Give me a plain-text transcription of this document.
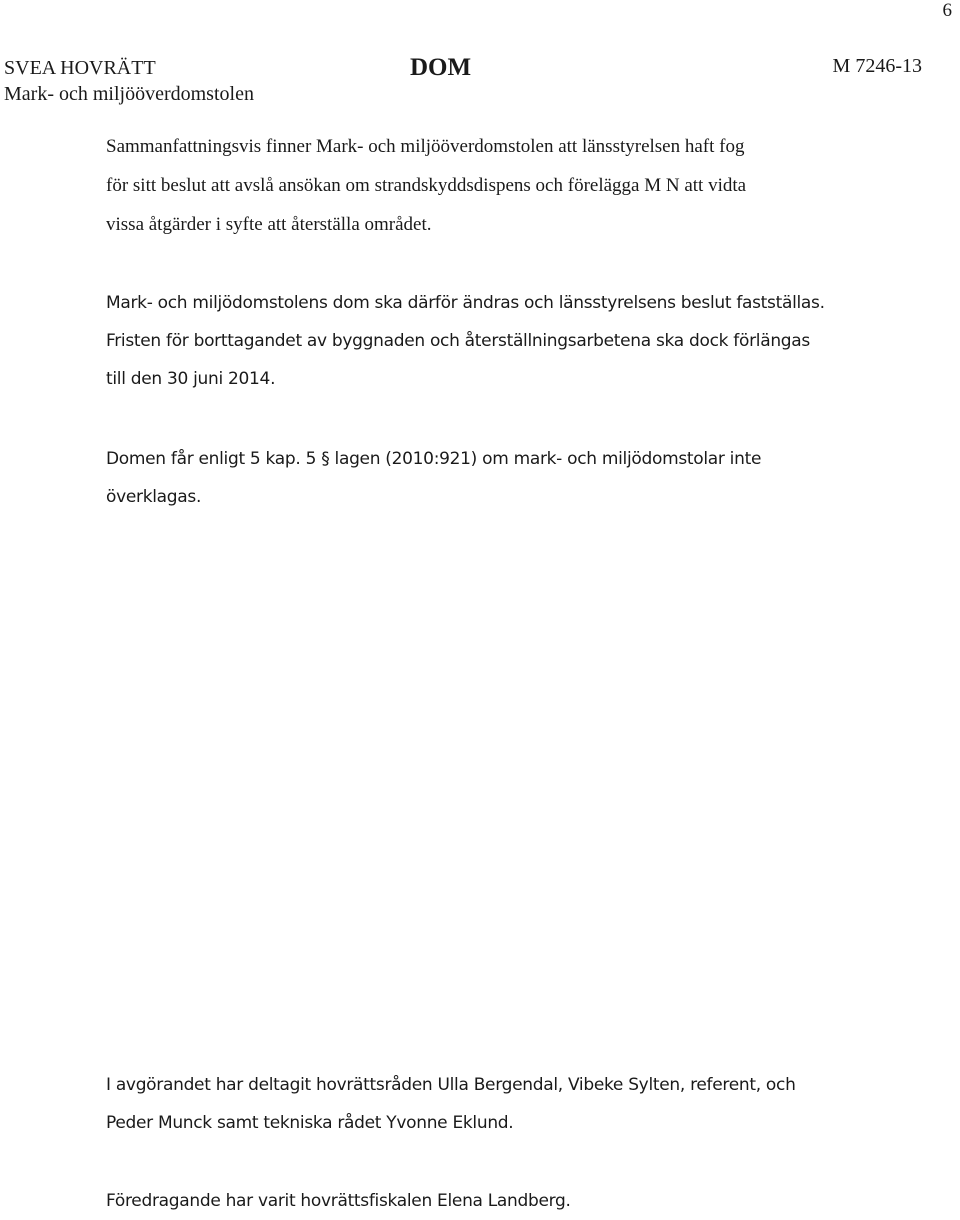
6
SVEA HOVRÄTT
Mark- och miljööverdomstolen
DOM	M 7246-13

Sammanfattningsvis finner Mark- och miljööverdomstolen att länsstyrelsen haft fog
för sitt beslut att avslå ansökan om strandskyddsdispens och förelägga M N att vidta
vissa åtgärder i syfte att återställa området.

Mark- och miljödomstolens dom ska därför ändras och länsstyrelsens beslut fastställas.
Fristen för borttagandet av byggnaden och återställningsarbetena ska dock förlängas
till den 30 juni 2014.

Domen får enligt 5 kap. 5 § lagen (2010:921) om mark- och miljödomstolar inte
överklagas.

I avgörandet har deltagit hovrättsråden Ulla Bergendal, Vibeke Sylten, referent, och
Peder Munck samt tekniska rådet Yvonne Eklund.

Föredragande har varit hovrättsfiskalen Elena Landberg.
